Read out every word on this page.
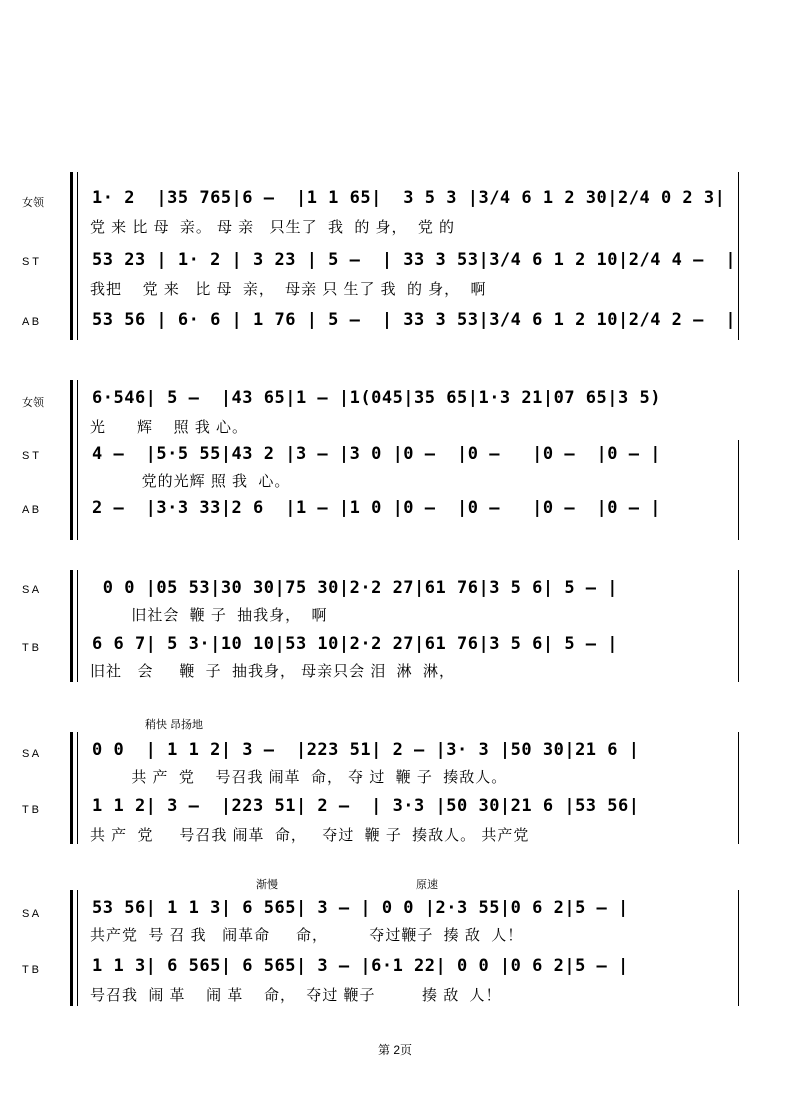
女领	1· 2  |35 765|6 –  |1 1 65|  3 5 3 |3/4 6 1 2 30|2/4 0 2 3|
党 来 比 母  亲。 母 亲   只生了  我  的 身，  党 的
S T	53 23 | 1· 2 | 3 23 | 5 –  | 33 3 53|3/4 6 1 2 10|2/4 4 –  |
我把    党 来   比 母  亲，  母亲 只 生了 我  的 身，  啊
A B	53 56 | 6· 6 | 1 76 | 5 –  | 33 3 53|3/4 6 1 2 10|2/4 2 –  |
女领	6·546| 5 –  |43 65|1 – |1(045|35 65|1·3 21|07 65|3 5)
光      辉    照 我 心。
S T	4 –  |5·5 55|43 2 |3 – |3 0 |0 –  |0 –   |0 –  |0 – |
党的光辉 照 我  心。
A B	2 –  |3·3 33|2 6  |1 – |1 0 |0 –  |0 –   |0 –  |0 – |
S A	0 0 |05 53|30 30|75 30|2·2 27|61 76|3 5 6| 5 – |
旧社会  鞭 子  抽我身，  啊
T B	6 6 7| 5 3·|10 10|53 10|2·2 27|61 76|3 5 6| 5 – |
旧社   会     鞭  子  抽我身， 母亲只会 泪  淋  淋，
稍快 昂扬地
S A	0 0  | 1 1 2| 3 –  |223 51| 2 – |3· 3 |50 30|21 6 |
共 产  党    号召我 闹革  命， 夺 过  鞭 子  揍敌人。
T B	1 1 2| 3 –  |223 51| 2 –  | 3·3 |50 30|21 6 |53 56|
共 产  党     号召我 闹革  命，   夺过  鞭 子  揍敌人。 共产党
渐慢	原速
S A	53 56| 1 1 3| 6 565| 3 – | 0 0 |2·3 55|0 6 2|5 – |
共产党  号 召 我   闹革命     命，        夺过鞭子  揍 敌  人！
T B	1 1 3| 6 565| 6 565| 3 – |6·1 22| 0 0 |0 6 2|5 – |
号召我  闹 革    闹 革    命，  夺过 鞭子         揍 敌  人！
第 2页
